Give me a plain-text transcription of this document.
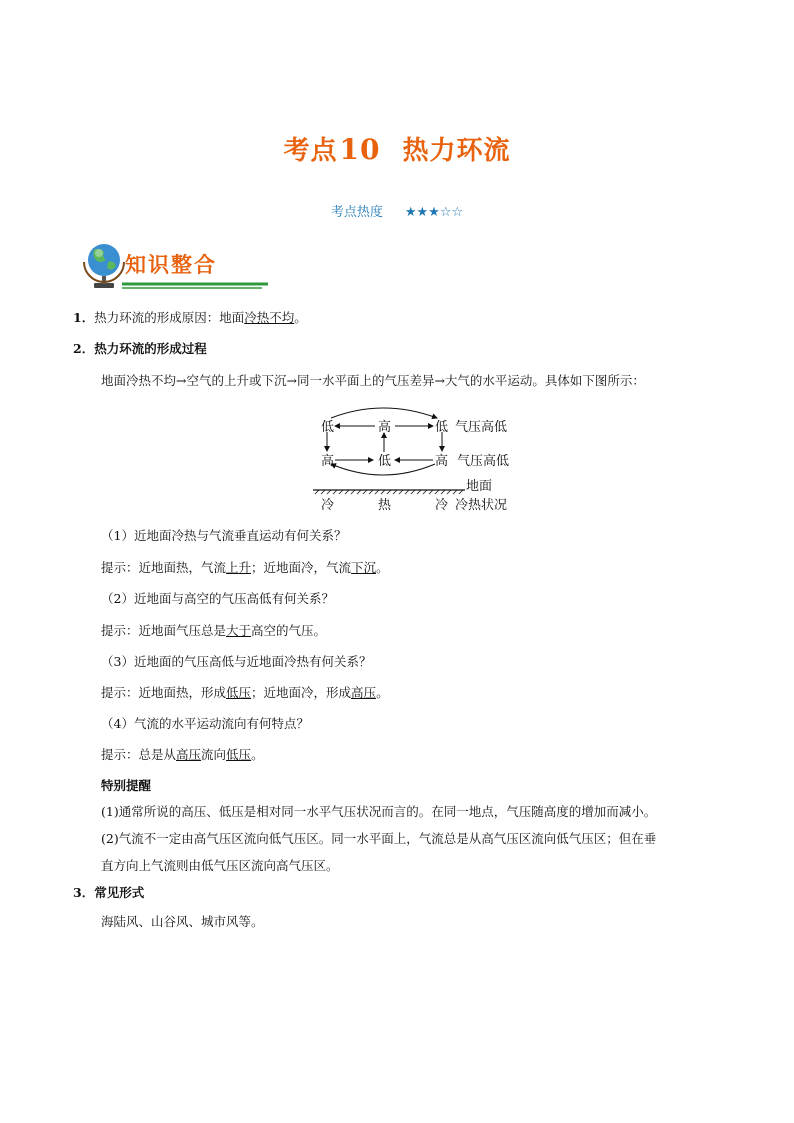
考点10 热力环流
考点热度 ★★★☆☆
知识整合
1．热力环流的形成原因：地面冷热不均。
2．热力环流的形成过程
地面冷热不均→空气的上升或下沉→同一水平面上的气压差异→大气的水平运动。具体如下图所示：
低	高	低 气压高低
高	低	高 气压高低
地面
冷	热	冷 冷热状况
（1）近地面冷热与气流垂直运动有何关系？
提示：近地面热，气流上升；近地面冷，气流下沉。
（2）近地面与高空的气压高低有何关系？
提示：近地面气压总是大于高空的气压。
（3）近地面的气压高低与近地面冷热有何关系？
提示：近地面热，形成低压；近地面冷，形成高压。
（4）气流的水平运动流向有何特点？
提示：总是从高压流向低压。
特别提醒
(1)通常所说的高压、低压是相对同一水平气压状况而言的。在同一地点，气压随高度的增加而减小。
(2)气流不一定由高气压区流向低气压区。同一水平面上，气流总是从高气压区流向低气压区；但在垂
直方向上气流则由低气压区流向高气压区。
3．常见形式
海陆风、山谷风、城市风等。
